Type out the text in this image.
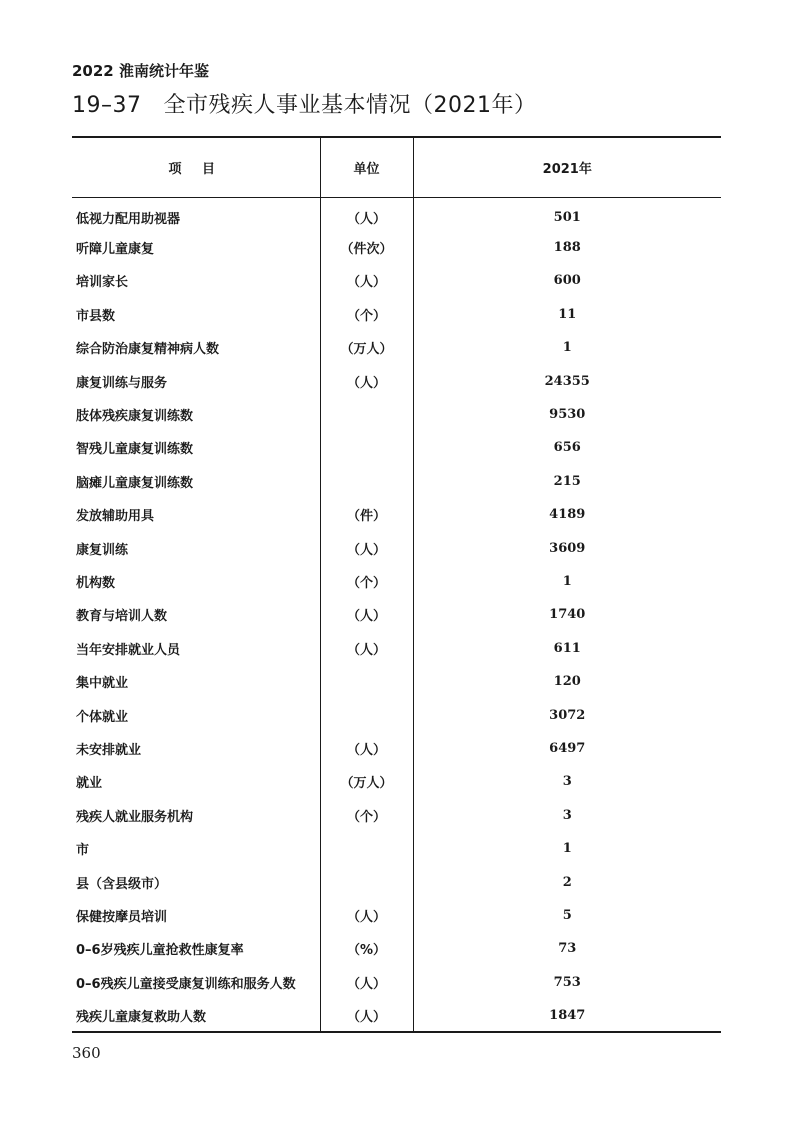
2022 淮南统计年鉴
19–37 全市残疾人事业基本情况（2021年）
项 目	单位	2021年
低视力配用助视器	（人）	501
听障儿童康复	（件次）	188
培训家长	（人）	600
市县数	（个）	11
综合防治康复精神病人数	（万人）	1
康复训练与服务	（人）	24355
肢体残疾康复训练数		9530
智残儿童康复训练数		656
脑瘫儿童康复训练数		215
发放辅助用具	（件）	4189
康复训练	（人）	3609
机构数	（个）	1
教育与培训人数	（人）	1740
当年安排就业人员	（人）	611
集中就业		120
个体就业		3072
未安排就业	（人）	6497
就业	（万人）	3
残疾人就业服务机构	（个）	3
市		1
县（含县级市）		2
保健按摩员培训	（人）	5
0–6岁残疾儿童抢救性康复率	（%）	73
0–6残疾儿童接受康复训练和服务人数	（人）	753
残疾儿童康复救助人数	（人）	1847
360
